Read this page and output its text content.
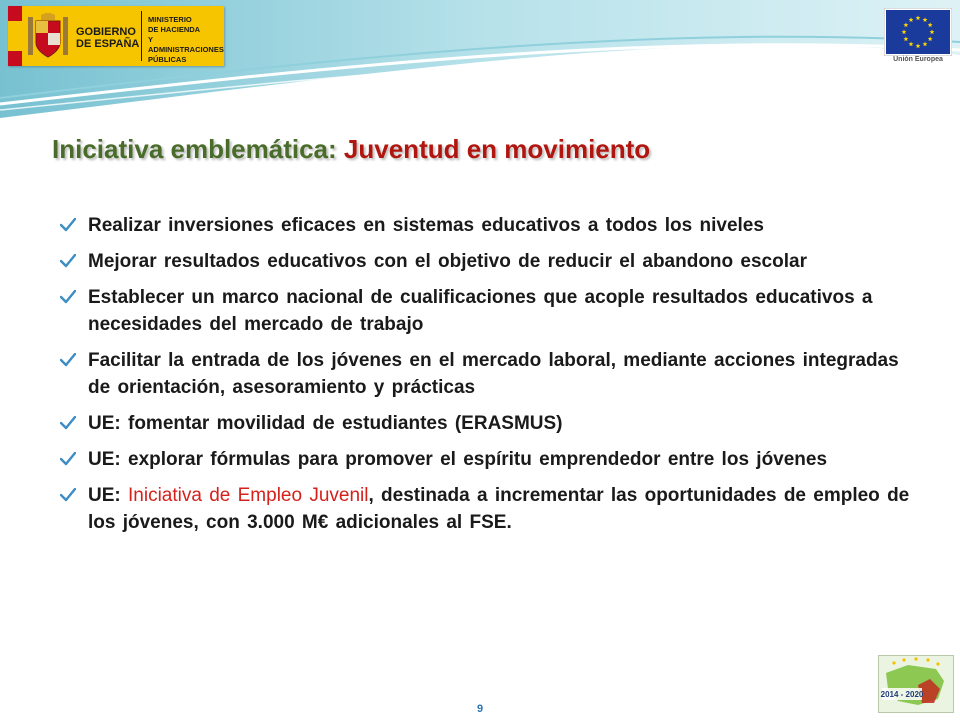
GOBIERNO
DE ESPAÑA
MINISTERIO
DE HACIENDA
Y ADMINISTRACIONES
PÚBLICAS	Unión Europea
Iniciativa emblemática: Juventud en movimiento
Realizar inversiones eficaces en sistemas educativos a todos los niveles
Mejorar resultados educativos con el objetivo de reducir el abandono escolar
Establecer un marco nacional de cualificaciones que acople resultados educativos a necesidades del mercado de trabajo
Facilitar la entrada de los jóvenes en el mercado laboral, mediante acciones integradas de orientación, asesoramiento y prácticas
UE: fomentar movilidad de estudiantes (ERASMUS)
UE: explorar fórmulas para promover el espíritu emprendedor entre los jóvenes
UE: Iniciativa de Empleo Juvenil, destinada a incrementar las oportunidades de empleo de los jóvenes, con 3.000 M€ adicionales al FSE.
9
2014 - 2020
